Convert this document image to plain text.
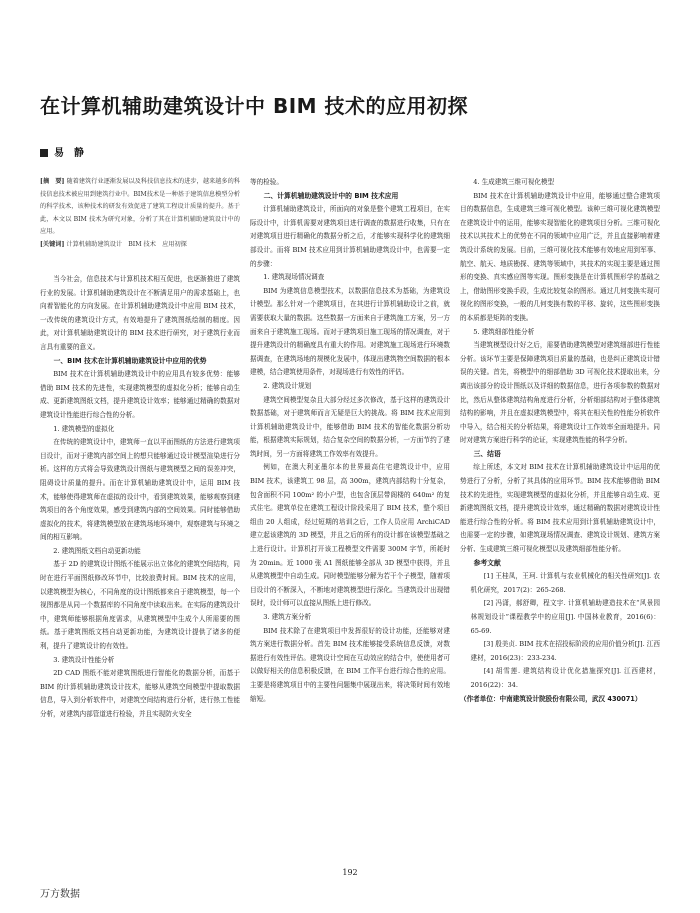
在计算机辅助建筑设计中 BIM 技术的应用初探
易　静

[摘　要] 随着建筑行业逐渐发展以及科技信息技术的进步，越来越多的科技信息技术被应用到建筑行业中。BIM技术是一种基于建筑信息模型分析的科学技术，该种技术的研发有效促进了建筑工程设计质量的提升。基于此，本文以 BIM 技术为研究对象，分析了其在计算机辅助建筑设计中的应用。

[关键词] 计算机辅助建筑设计　BIM 技术　应用初探

当今社会，信息技术与计算机技术相互促进，也逐渐推进了建筑行业的发展。计算机辅助建筑设计在不断满足用户的需求基础上，也向着智能化的方向发展。在计算机辅助建筑设计中应用 BIM 技术，一改传统的建筑设计方式，有效地提升了建筑图纸绘制的精度。因此，对计算机辅助建筑设计的 BIM 技术进行研究，对于建筑行业而言具有重要的意义。

一、BIM 技术在计算机辅助建筑设计中应用的优势

BIM 技术在计算机辅助建筑设计中的应用具有较多优势：能够借助 BIM 技术的先进性，实现建筑模型的虚拟化分析；能够自动生成、更新建筑图纸文档，提升建筑设计效率；能够通过精确的数据对建筑设计性能进行综合性的分析。

1. 建筑模型的虚拟化

在传统的建筑设计中，建筑师一直以平面图纸的方法进行建筑项目设计，而对于建筑内部空间上的想只能够通过设计模型渲染进行分析。这样的方式将会导致建筑设计图纸与建筑模型之间的误差冲突，阻碍设计质量的提升。而在计算机辅助建筑设计中，运用 BIM 技术，能够使得建筑师在虚拟的设计中，看到建筑效果，能够观察到建筑项目的各个角度效果，感受到建筑内部的空间效果。同时能够借助虚拟化的技术，将建筑模型放在建筑场地环境中，观察建筑与环境之间的相互影响。

2. 建筑图纸文档自动更新功能

基于 2D 的建筑设计图纸不能展示出立体化的建筑空间结构，同时在进行平面图纸修改环节中，比较浪费时间。BIM 技术的应用，以建筑模型为核心，不同角度的设计图纸都来自于建筑模型，每一个视图都是从同一个数据库的不同角度中读取出来。在实际的建筑设计中，建筑师能够根据角度需求，从建筑模型中生成个人所需要的图纸。基于建筑图纸文档自动更新功能，为建筑设计提供了诸多的便利，提升了建筑设计的有效性。

3. 建筑设计性能分析

2D CAD 图纸不能对建筑图纸进行智能化的数据分析，而基于 BIM 的计算机辅助建筑设计技术，能够从建筑空间模型中提取数据信息，导入到分析软件中，对建筑空间结构进行分析，进行热工性能分析，对建筑内部管道进行检验，并且实现防火安全

等的检验。

二、计算机辅助建筑设计中的 BIM 技术应用

计算机辅助建筑设计，所面向的对象是整个建筑工程项目，在实际设计中，计算机需要对建筑项目进行调查的数据进行收集，只有在对建筑项目进行精确化的数据分析之后，才能够实现科学化的建筑细部设计。而将 BIM 技术应用到计算机辅助建筑设计中，也需要一定的步骤：

1. 建筑现场情况调查

BIM 为建筑信息模型技术，以数据信息技术为基础，为建筑设计模型。那么针对一个建筑项目，在其进行计算机辅助设计之前，就需要获取大量的数据。这些数据一方面来自于建筑施工方案，另一方面来自于建筑施工现场。而对于建筑项目施工现场的情况调查，对于提升建筑设计的精确度具有重大的作用。对建筑施工现场进行环境数据调查，在建筑场地的规模化发展中，体现出建筑物空间数据的根本建模，结合建筑使用条件，对现场进行有效性的评估。

2. 建筑设计规划

建筑空间模型复杂且大部分经过多次修改，基于这样的建筑设计数据基础，对于建筑师而言无疑是巨大的挑战。将 BIM 技术应用到计算机辅助建筑设计中，能够借助 BIM 技术的智能化数据分析功能，根据建筑实际规划，结合复杂空间的数据分析，一方面节约了建筑时间，另一方面将建筑工作效率有效提升。

例如，在澳大利亚墨尔本的世界最高住宅建筑设计中，应用 BIM 技术，该建筑工 98 层，高 300m，建筑内部结构十分复杂，包含面积不同 100m² 的小户型，也包含顶层带阁楼的 640m² 的复式住宅。建筑单位在建筑工程设计阶段采用了 BIM 技术，整个项目组由 20 人组成，经过短期的培训之后，工作人员应用 ArchiCAD 建立起该建筑的 3D 模型，并且之后的所有的设计都在该模型基础之上进行设计。计算机打开该工程模型文件需要 300M 字节，所耗时为 20min。近 1000 张 A1 图纸能够全部从 3D 模型中获得，并且从建筑模型中自动生成。同时模型能够分解为若干个子模型，随着项目设计的不断深入，不断地对建筑模型进行深化。当建筑设计出现错误时，设计师可以直接从图纸上进行修改。

3. 建筑方案分析

BIM 技术除了在建筑项目中发挥很好的设计功能，还能够对建筑方案进行数据分析。首先 BIM 技术能够接受系统信息反馈，对数据进行有效性评估。建筑设计空间在互动效应的结合中，使使用者可以做好相关的信息积极反馈，在 BIM 工作平台进行综合性的应用。主要是将建筑项目中的主要性问题集中展现出来，将决策时间有效地缩短。

4. 生成建筑三维可视化模型

BIM 技术在计算机辅助建筑设计中应用，能够通过整合建筑项目的数据信息，生成建筑三维可视化模型。该种三维可视化建筑模型在建筑设计中的运用，能够实现智能化的建筑项目分析。三维可视化技术以其技术上的优势在不同的领域中应用广泛，并且直接影响着建筑设计系统的发展。目前，三维可视化技术能够有效地应用到军事、航空、航天、地质勘探、建筑等领域中，其技术的实现主要是通过图形的变换、真实感应图等实现。图形变换是在计算机图形学的基础之上，借助图形变换手段，生成比较复杂的图形。通过几何变换实现可视化的图形变换，一般的几何变换有数的平移、旋转，这些图形变换的本质都是矩阵的变换。

5. 建筑细部性能分析

当建筑模型设计好之后，需要借助建筑模型对建筑细部进行性能分析。该环节主要是保障建筑项目质量的基础，也是纠正建筑设计错误的关键。首先，将模型中的细部借助 3D 可视化技术提取出来，分离出该部分的设计图纸以及详细的数据信息，进行各项参数的数据对比，然后从整体建筑结构角度进行分析，分析细部结构对于整体建筑结构的影响，并且在虚拟建筑模型中，将其在相关性的性能分析软件中导入，结合相关的分析结果，将建筑设计工作效率全面地提升。同时对建筑方案进行科学的论证，实现建筑性能的科学分析。

三、结语

综上所述，本文对 BIM 技术在计算机辅助建筑设计中运用的优势进行了分析，分析了其具体的应用环节。BIM 技术能够借助 BIM 技术的先进性，实现建筑模型的虚拟化分析，并且能够自动生成、更新建筑图纸文档，提升建筑设计效率，通过精确的数据对建筑设计性能进行综合性的分析。将 BIM 技术应用到计算机辅助建筑设计中，也需要一定的步骤，如建筑现场情况调查、建筑设计规划、建筑方案分析、生成建筑三维可视化模型以及建筑细部性能分析。

参考文献

[1] 王桂凤，王珂. 计算机与农业机械化的相关性研究[J]. 农机化研究，2017(2)：265-268.

[2] 冯潇，郝舒卿，程文宇. 计算机辅助建造技术在“风景园林规划设计”课程教学中的应用[J]. 中国林业教育，2016(6)：65-69.

[3] 殷美贞. BIM 技术在招投标阶段的应用价值分析[J]. 江西建材，2016(23)：233-234.

[4] 胡雪莲. 建筑结构设计优化措施探究[J]. 江西建材，2016(22)：34.

（作者单位：中南建筑设计院股份有限公司，武汉 430071）

192
万方数据
